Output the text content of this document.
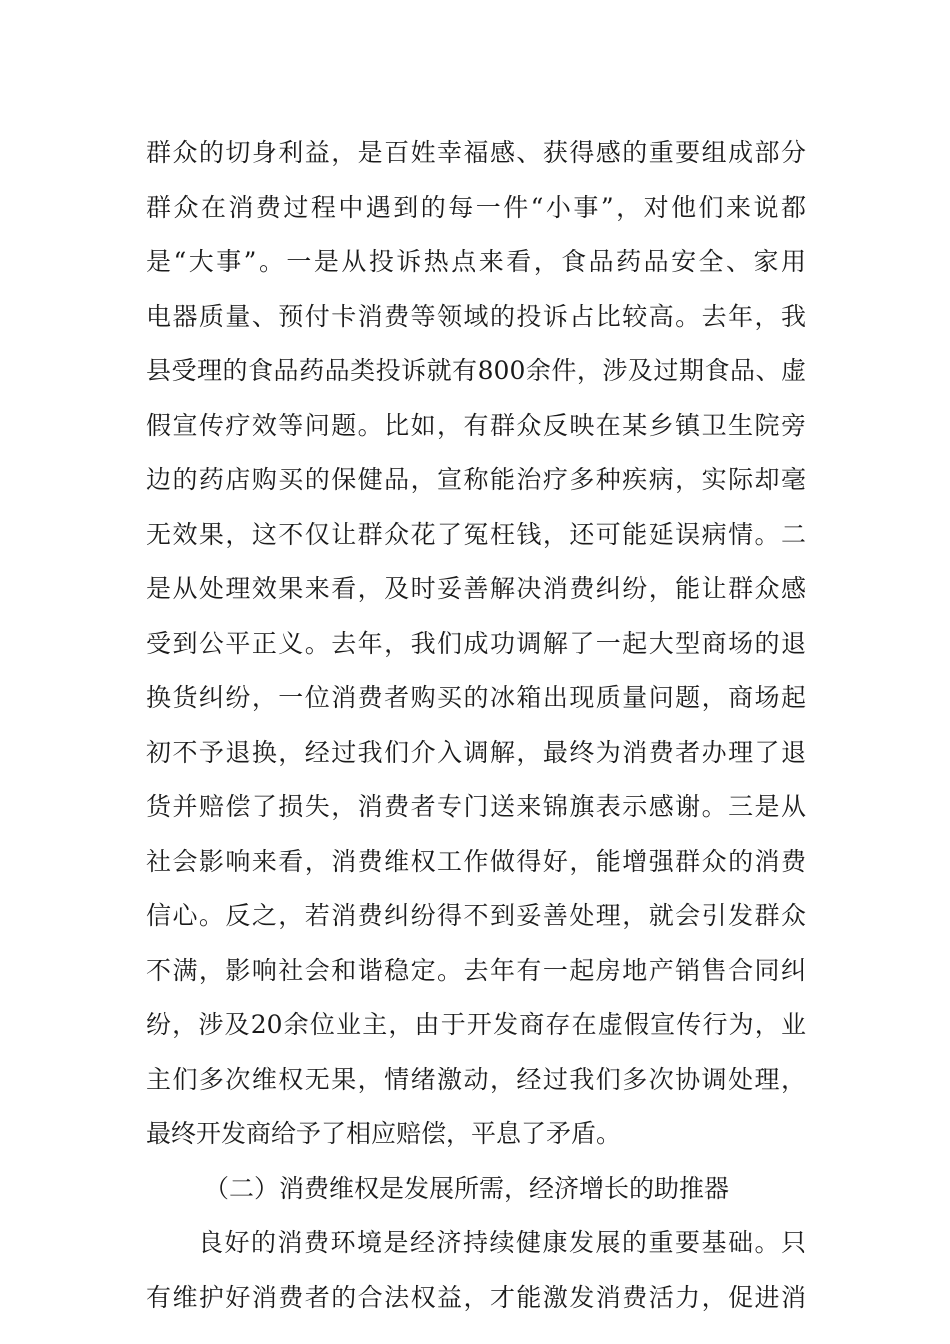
群众的切身利益，是百姓幸福感、获得感的重要组成部分
群众在消费过程中遇到的每一件“小事”，对他们来说都
是“大事”。一是从投诉热点来看，食品药品安全、家用
电器质量、预付卡消费等领域的投诉占比较高。去年，我
县受理的食品药品类投诉就有800余件，涉及过期食品、虚
假宣传疗效等问题。比如，有群众反映在某乡镇卫生院旁
边的药店购买的保健品，宣称能治疗多种疾病，实际却毫
无效果，这不仅让群众花了冤枉钱，还可能延误病情。二
是从处理效果来看，及时妥善解决消费纠纷，能让群众感
受到公平正义。去年，我们成功调解了一起大型商场的退
换货纠纷，一位消费者购买的冰箱出现质量问题，商场起
初不予退换，经过我们介入调解，最终为消费者办理了退
货并赔偿了损失，消费者专门送来锦旗表示感谢。三是从
社会影响来看，消费维权工作做得好，能增强群众的消费
信心。反之，若消费纠纷得不到妥善处理，就会引发群众
不满，影响社会和谐稳定。去年有一起房地产销售合同纠
纷，涉及20余位业主，由于开发商存在虚假宣传行为，业
主们多次维权无果，情绪激动，经过我们多次协调处理，
最终开发商给予了相应赔偿，平息了矛盾。
（二）消费维权是发展所需，经济增长的助推器
良好的消费环境是经济持续健康发展的重要基础。只
有维护好消费者的合法权益，才能激发消费活力，促进消
